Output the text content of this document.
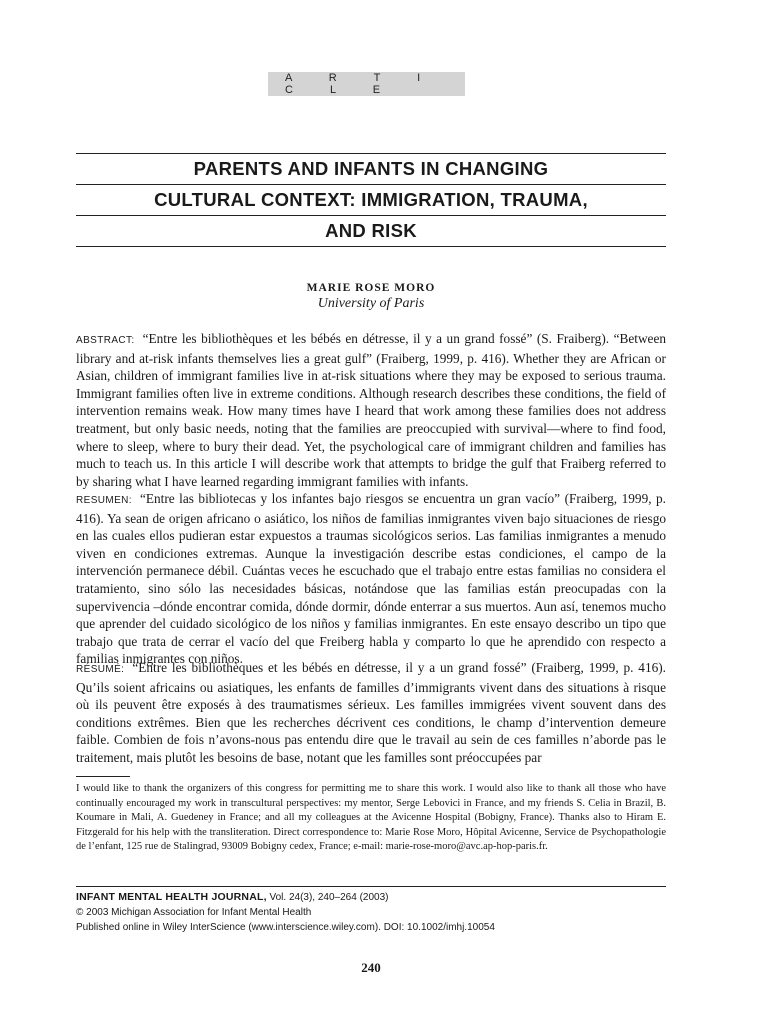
A R T I C L E
PARENTS AND INFANTS IN CHANGING
CULTURAL CONTEXT: IMMIGRATION, TRAUMA,
AND RISK
MARIE ROSE MORO
University of Paris
ABSTRACT: “Entre les bibliothèques et les bébés en détresse, il y a un grand fossé” (S. Fraiberg). “Between library and at-risk infants themselves lies a great gulf” (Fraiberg, 1999, p. 416). Whether they are African or Asian, children of immigrant families live in at-risk situations where they may be exposed to serious trauma. Immigrant families often live in extreme conditions. Although research describes these conditions, the field of intervention remains weak. How many times have I heard that work among these families does not address treatment, but only basic needs, noting that the families are preoccupied with survival—where to find food, where to sleep, where to bury their dead. Yet, the psychological care of immigrant children and families has much to teach us. In this article I will describe work that attempts to bridge the gulf that Fraiberg referred to by sharing what I have learned regarding immigrant families with infants.
RESUMEN: “Entre las bibliotecas y los infantes bajo riesgos se encuentra un gran vacío” (Fraiberg, 1999, p. 416). Ya sean de origen africano o asiático, los niños de familias inmigrantes viven bajo situaciones de riesgo en las cuales ellos pudieran estar expuestos a traumas sicológicos serios. Las familias inmigrantes a menudo viven en condiciones extremas. Aunque la investigación describe estas condiciones, el campo de la intervención permanece débil. Cuántas veces he escuchado que el trabajo entre estas familias no considera el tratamiento, sino sólo las necesidades básicas, notándose que las familias están preocupadas con la supervivencia –dónde encontrar comida, dónde dormir, dónde enterrar a sus muertos. Aun así, tenemos mucho que aprender del cuidado sicológico de los niños y familias inmigrantes. En este ensayo describo un tipo que trabajo que trata de cerrar el vacío del que Freiberg habla y comparto lo que he aprendido con respecto a familias inmigrantes con niños.
RÉSUMÉ: “Entre les bibliothèques et les bébés en détresse, il y a un grand fossé” (Fraiberg, 1999, p. 416). Qu’ils soient africains ou asiatiques, les enfants de familles d’immigrants vivent dans des situations à risque où ils peuvent être exposés à des traumatismes sérieux. Les familles immigrées vivent souvent dans des conditions extrêmes. Bien que les recherches décrivent ces conditions, le champ d’intervention demeure faible. Combien de fois n’avons-nous pas entendu dire que le travail au sein de ces familles n’aborde pas le traitement, mais plutôt les besoins de base, notant que les familles sont préoccupées par
I would like to thank the organizers of this congress for permitting me to share this work. I would also like to thank all those who have continually encouraged my work in transcultural perspectives: my mentor, Serge Lebovici in France, and my friends S. Celia in Brazil, B. Koumare in Mali, A. Guedeney in France; and all my colleagues at the Avicenne Hospital (Bobigny, France). Thanks also to Hiram E. Fitzgerald for his help with the transliteration. Direct correspondence to: Marie Rose Moro, Hôpital Avicenne, Service de Psychopathologie de l’enfant, 125 rue de Stalingrad, 93009 Bobigny cedex, France; e-mail: marie-rose-moro@avc.ap-hop-paris.fr.
INFANT MENTAL HEALTH JOURNAL, Vol. 24(3), 240–264 (2003)
© 2003 Michigan Association for Infant Mental Health
Published online in Wiley InterScience (www.interscience.wiley.com). DOI: 10.1002/imhj.10054
240
